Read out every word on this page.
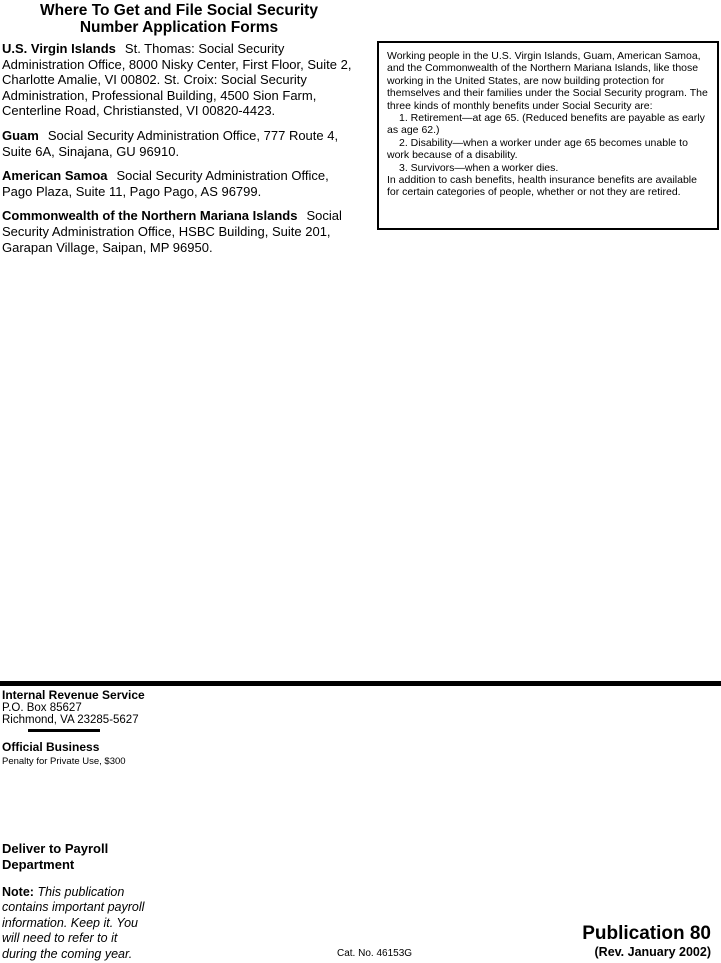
Where To Get and File Social Security
Number Application Forms

U.S. Virgin Islands St. Thomas: Social Security Administration Office, 8000 Nisky Center, First Floor, Suite 2, Charlotte Amalie, VI 00802. St. Croix: Social Security Administration, Professional Building, 4500 Sion Farm, Centerline Road, Christiansted, VI 00820-4423.

Guam Social Security Administration Office, 777 Route 4, Suite 6A, Sinajana, GU 96910.

American Samoa Social Security Administration Office, Pago Plaza, Suite 11, Pago Pago, AS 96799.

Commonwealth of the Northern Mariana Islands Social Security Administration Office, HSBC Building, Suite 201, Garapan Village, Saipan, MP 96950.

Working people in the U.S. Virgin Islands, Guam, American Samoa, and the Commonwealth of the Northern Mariana Islands, like those working in the United States, are now building protection for themselves and their families under the Social Security program. The three kinds of monthly benefits under Social Security are:
1. Retirement—at age 65. (Reduced benefits are payable as early as age 62.)
2. Disability—when a worker under age 65 becomes unable to work because of a disability.
3. Survivors—when a worker dies.
In addition to cash benefits, health insurance benefits are available for certain categories of people, whether or not they are retired.
Internal Revenue Service
P.O. Box 85627
Richmond, VA 23285-5627
Official Business
Penalty for Private Use, $300
Deliver to Payroll
Department
Note: This publication
contains important payroll
information. Keep it. You
will need to refer to it
during the coming year.	Cat. No. 46153G
Publication 80
(Rev. January 2002)
